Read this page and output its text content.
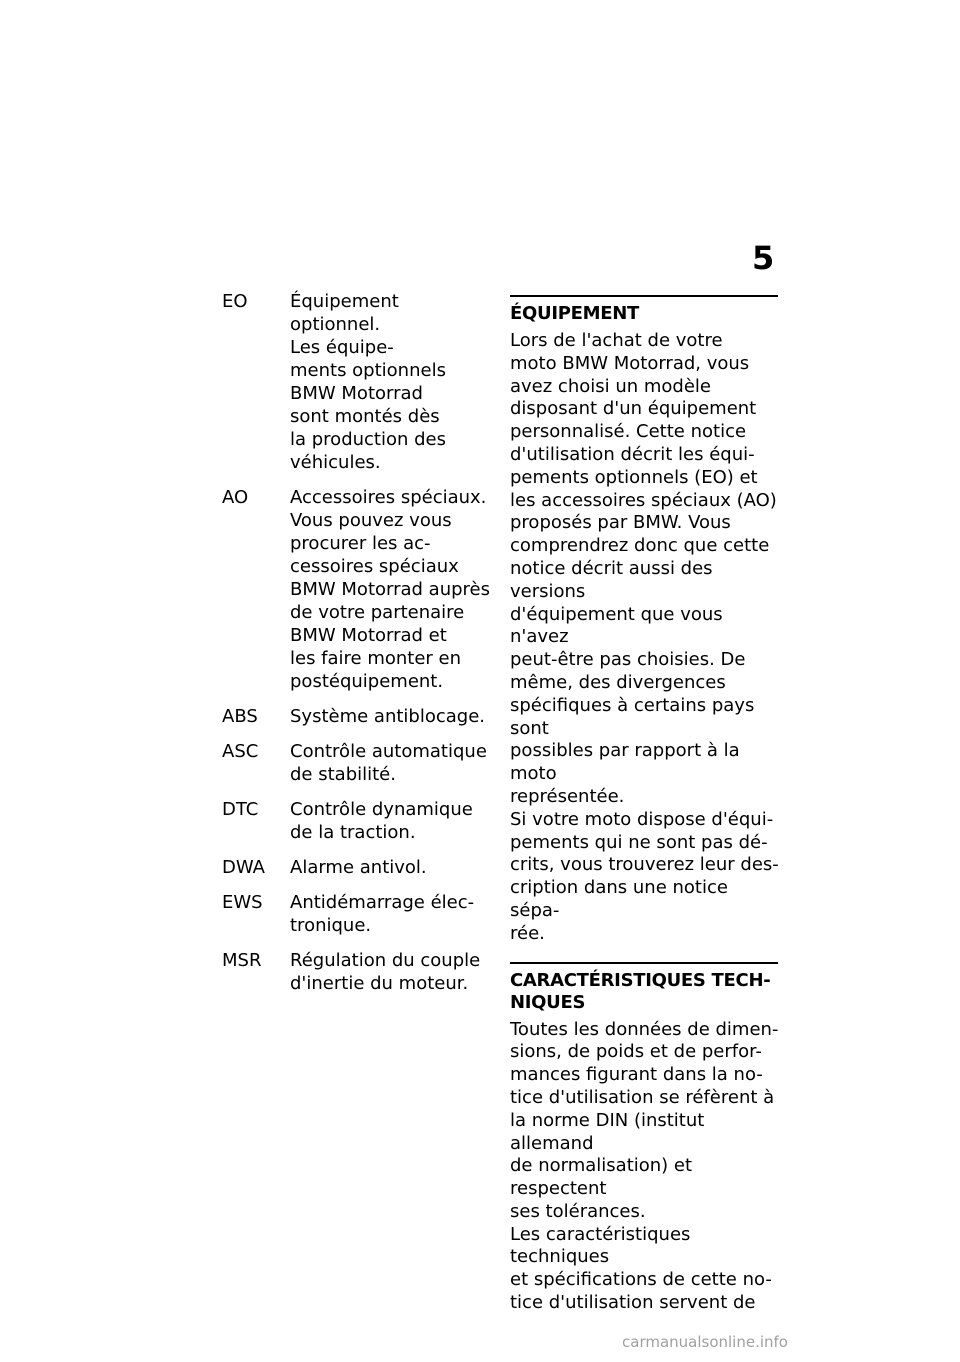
5
EO	Équipement optionnel.
Les équipe-
ments optionnels
BMW Motorrad
sont montés dès
la production des
véhicules.
AO	Accessoires spéciaux.
Vous pouvez vous
procurer les ac-
cessoires spéciaux
BMW Motorrad auprès
de votre partenaire
BMW Motorrad et
les faire monter en
postéquipement.
ABS	Système antiblocage.
ASC	Contrôle automatique
de stabilité.
DTC	Contrôle dynamique
de la traction.
DWA	Alarme antivol.
EWS	Antidémarrage élec-
tronique.
MSR	Régulation du couple
d'inertie du moteur.
ÉQUIPEMENT
Lors de l'achat de votre
moto BMW Motorrad, vous
avez choisi un modèle
disposant d'un équipement
personnalisé. Cette notice
d'utilisation décrit les équi-
pements optionnels (EO) et
les accessoires spéciaux (AO)
proposés par BMW. Vous
comprendrez donc que cette
notice décrit aussi des versions
d'équipement que vous n'avez
peut-être pas choisies. De
même, des divergences
spécifiques à certains pays sont
possibles par rapport à la moto
représentée.
Si votre moto dispose d'équi-
pements qui ne sont pas dé-
crits, vous trouverez leur des-
cription dans une notice sépa-
rée.
CARACTÉRISTIQUES TECH-
NIQUES
Toutes les données de dimen-
sions, de poids et de perfor-
mances figurant dans la no-
tice d'utilisation se réfèrent à
la norme DIN (institut allemand
de normalisation) et respectent
ses tolérances.
Les caractéristiques techniques
et spécifications de cette no-
tice d'utilisation servent de
carmanualsonline.info
